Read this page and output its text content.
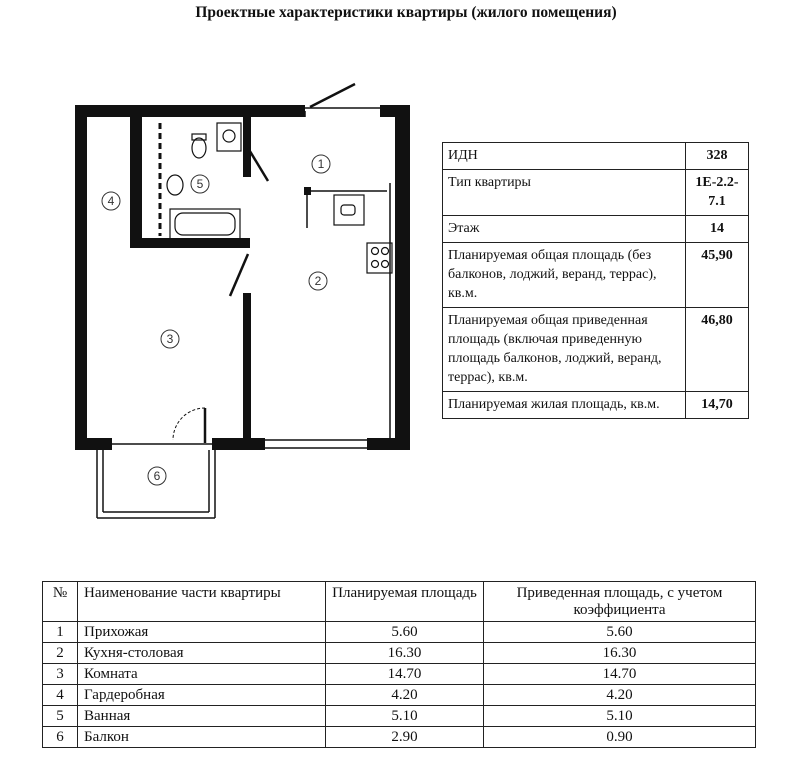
Проектные характеристики квартиры (жилого помещения)
1
2
3
4
5
6
ИДН	328
Тип квартиры	1Е-2.2-7.1
Этаж	14
Планируемая общая площадь (без балконов, лоджий, веранд, террас), кв.м.	45,90
Планируемая общая приведенная площадь (включая приведенную площадь балконов, лоджий, веранд, террас), кв.м.	46,80
Планируемая жилая площадь, кв.м.	14,70
№	Наименование части квартиры	Планируемая площадь	Приведенная площадь, с учетом коэффициента
1	Прихожая	5.60	5.60
2	Кухня-столовая	16.30	16.30
3	Комната	14.70	14.70
4	Гардеробная	4.20	4.20
5	Ванная	5.10	5.10
6	Балкон	2.90	0.90
